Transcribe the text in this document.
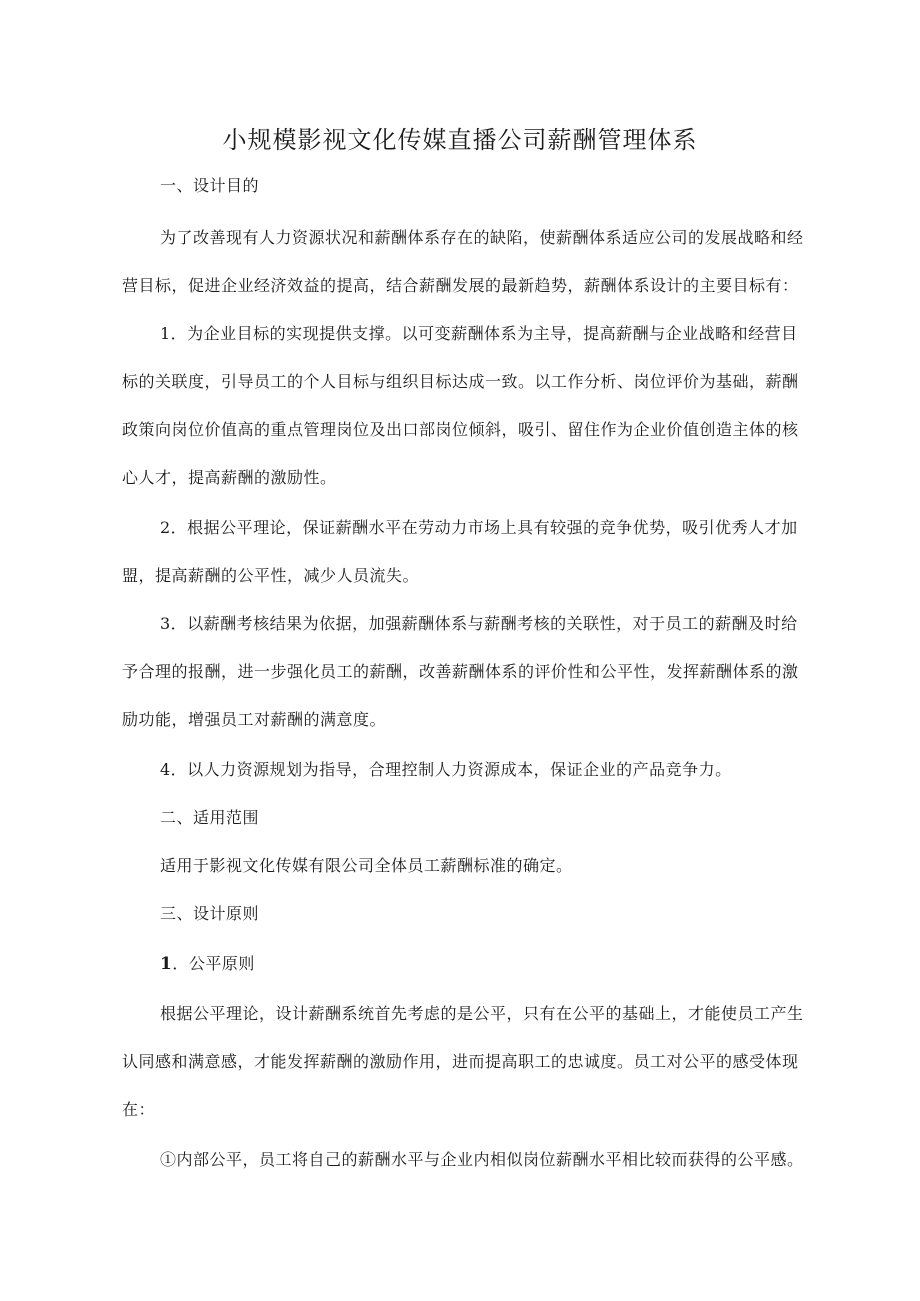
小规模影视文化传媒直播公司薪酬管理体系
一、设计目的
为了改善现有人力资源状况和薪酬体系存在的缺陷，使薪酬体系适应公司的发展战略和经
营目标，促进企业经济效益的提高，结合薪酬发展的最新趋势，薪酬体系设计的主要目标有：
1．为企业目标的实现提供支撑。以可变薪酬体系为主导，提高薪酬与企业战略和经营目
标的关联度，引导员工的个人目标与组织目标达成一致。以工作分析、岗位评价为基础，薪酬
政策向岗位价值高的重点管理岗位及出口部岗位倾斜，吸引、留住作为企业价值创造主体的核
心人才，提高薪酬的激励性。
2．根据公平理论，保证薪酬水平在劳动力市场上具有较强的竞争优势，吸引优秀人才加
盟，提高薪酬的公平性，减少人员流失。
3．以薪酬考核结果为依据，加强薪酬体系与薪酬考核的关联性，对于员工的薪酬及时给
予合理的报酬，进一步强化员工的薪酬，改善薪酬体系的评价性和公平性，发挥薪酬体系的激
励功能，增强员工对薪酬的满意度。
4．以人力资源规划为指导，合理控制人力资源成本，保证企业的产品竞争力。
二、适用范围
适用于影视文化传媒有限公司全体员工薪酬标准的确定。
三、设计原则
1．公平原则
根据公平理论，设计薪酬系统首先考虑的是公平，只有在公平的基础上，才能使员工产生
认同感和满意感，才能发挥薪酬的激励作用，进而提高职工的忠诚度。员工对公平的感受体现
在：
①内部公平，员工将自己的薪酬水平与企业内相似岗位薪酬水平相比较而获得的公平感。
